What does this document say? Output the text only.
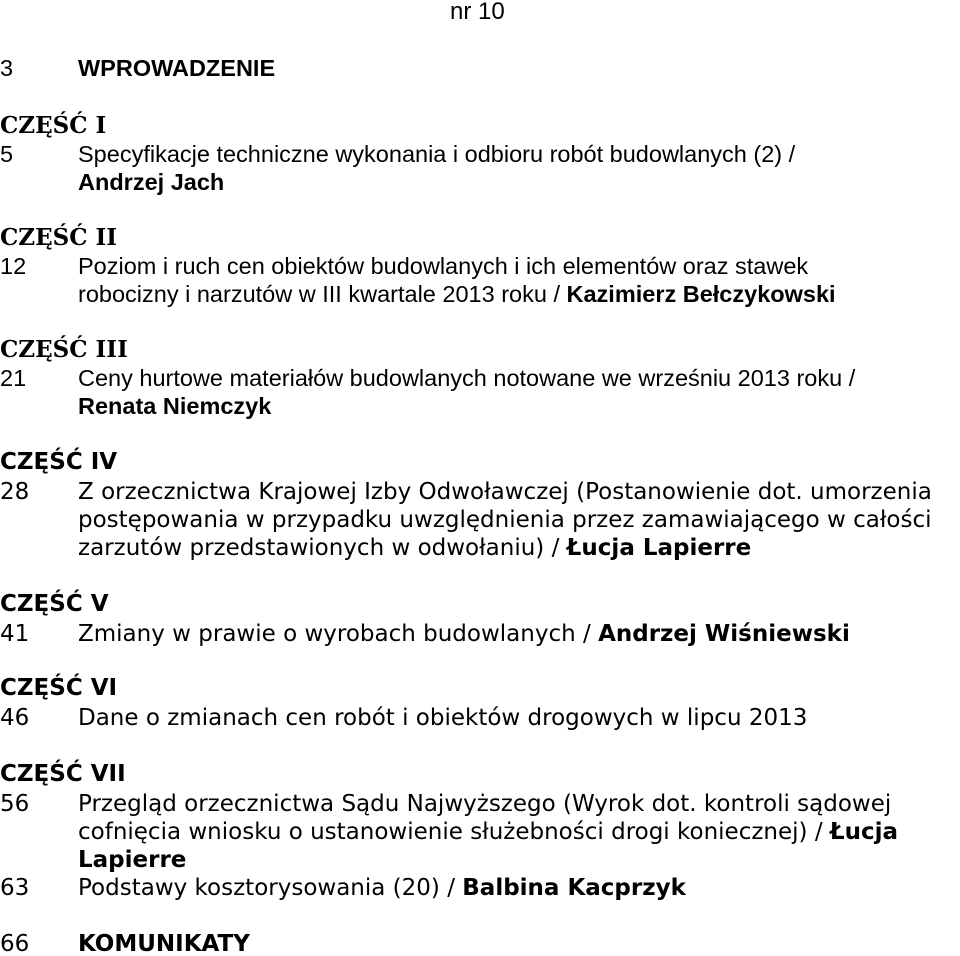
nr 10
3	WPROWADZENIE
CZĘŚĆ I
5	Specyfikacje techniczne wykonania i odbioru robót budowlanych (2) /
Andrzej Jach
CZĘŚĆ II
12	Poziom i ruch cen obiektów budowlanych i ich elementów oraz stawek
robocizny i narzutów w III kwartale 2013 roku / Kazimierz Bełczykowski
CZĘŚĆ III
21	Ceny hurtowe materiałów budowlanych notowane we wrześniu 2013 roku /
Renata Niemczyk
CZĘŚĆ IV
28	Z orzecznictwa Krajowej Izby Odwoławczej (Postanowienie dot. umorzenia
postępowania w przypadku uwzględnienia przez zamawiającego w całości
zarzutów przedstawionych w odwołaniu) / Łucja Lapierre
CZĘŚĆ V
41	Zmiany w prawie o wyrobach budowlanych / Andrzej Wiśniewski
CZĘŚĆ VI
46	Dane o zmianach cen robót i obiektów drogowych w lipcu 2013
CZĘŚĆ VII
56	Przegląd orzecznictwa Sądu Najwyższego (Wyrok dot. kontroli sądowej
cofnięcia wniosku o ustanowienie służebności drogi koniecznej) / Łucja
Lapierre
63	Podstawy kosztorysowania (20) / Balbina Kacprzyk
66	KOMUNIKATY
